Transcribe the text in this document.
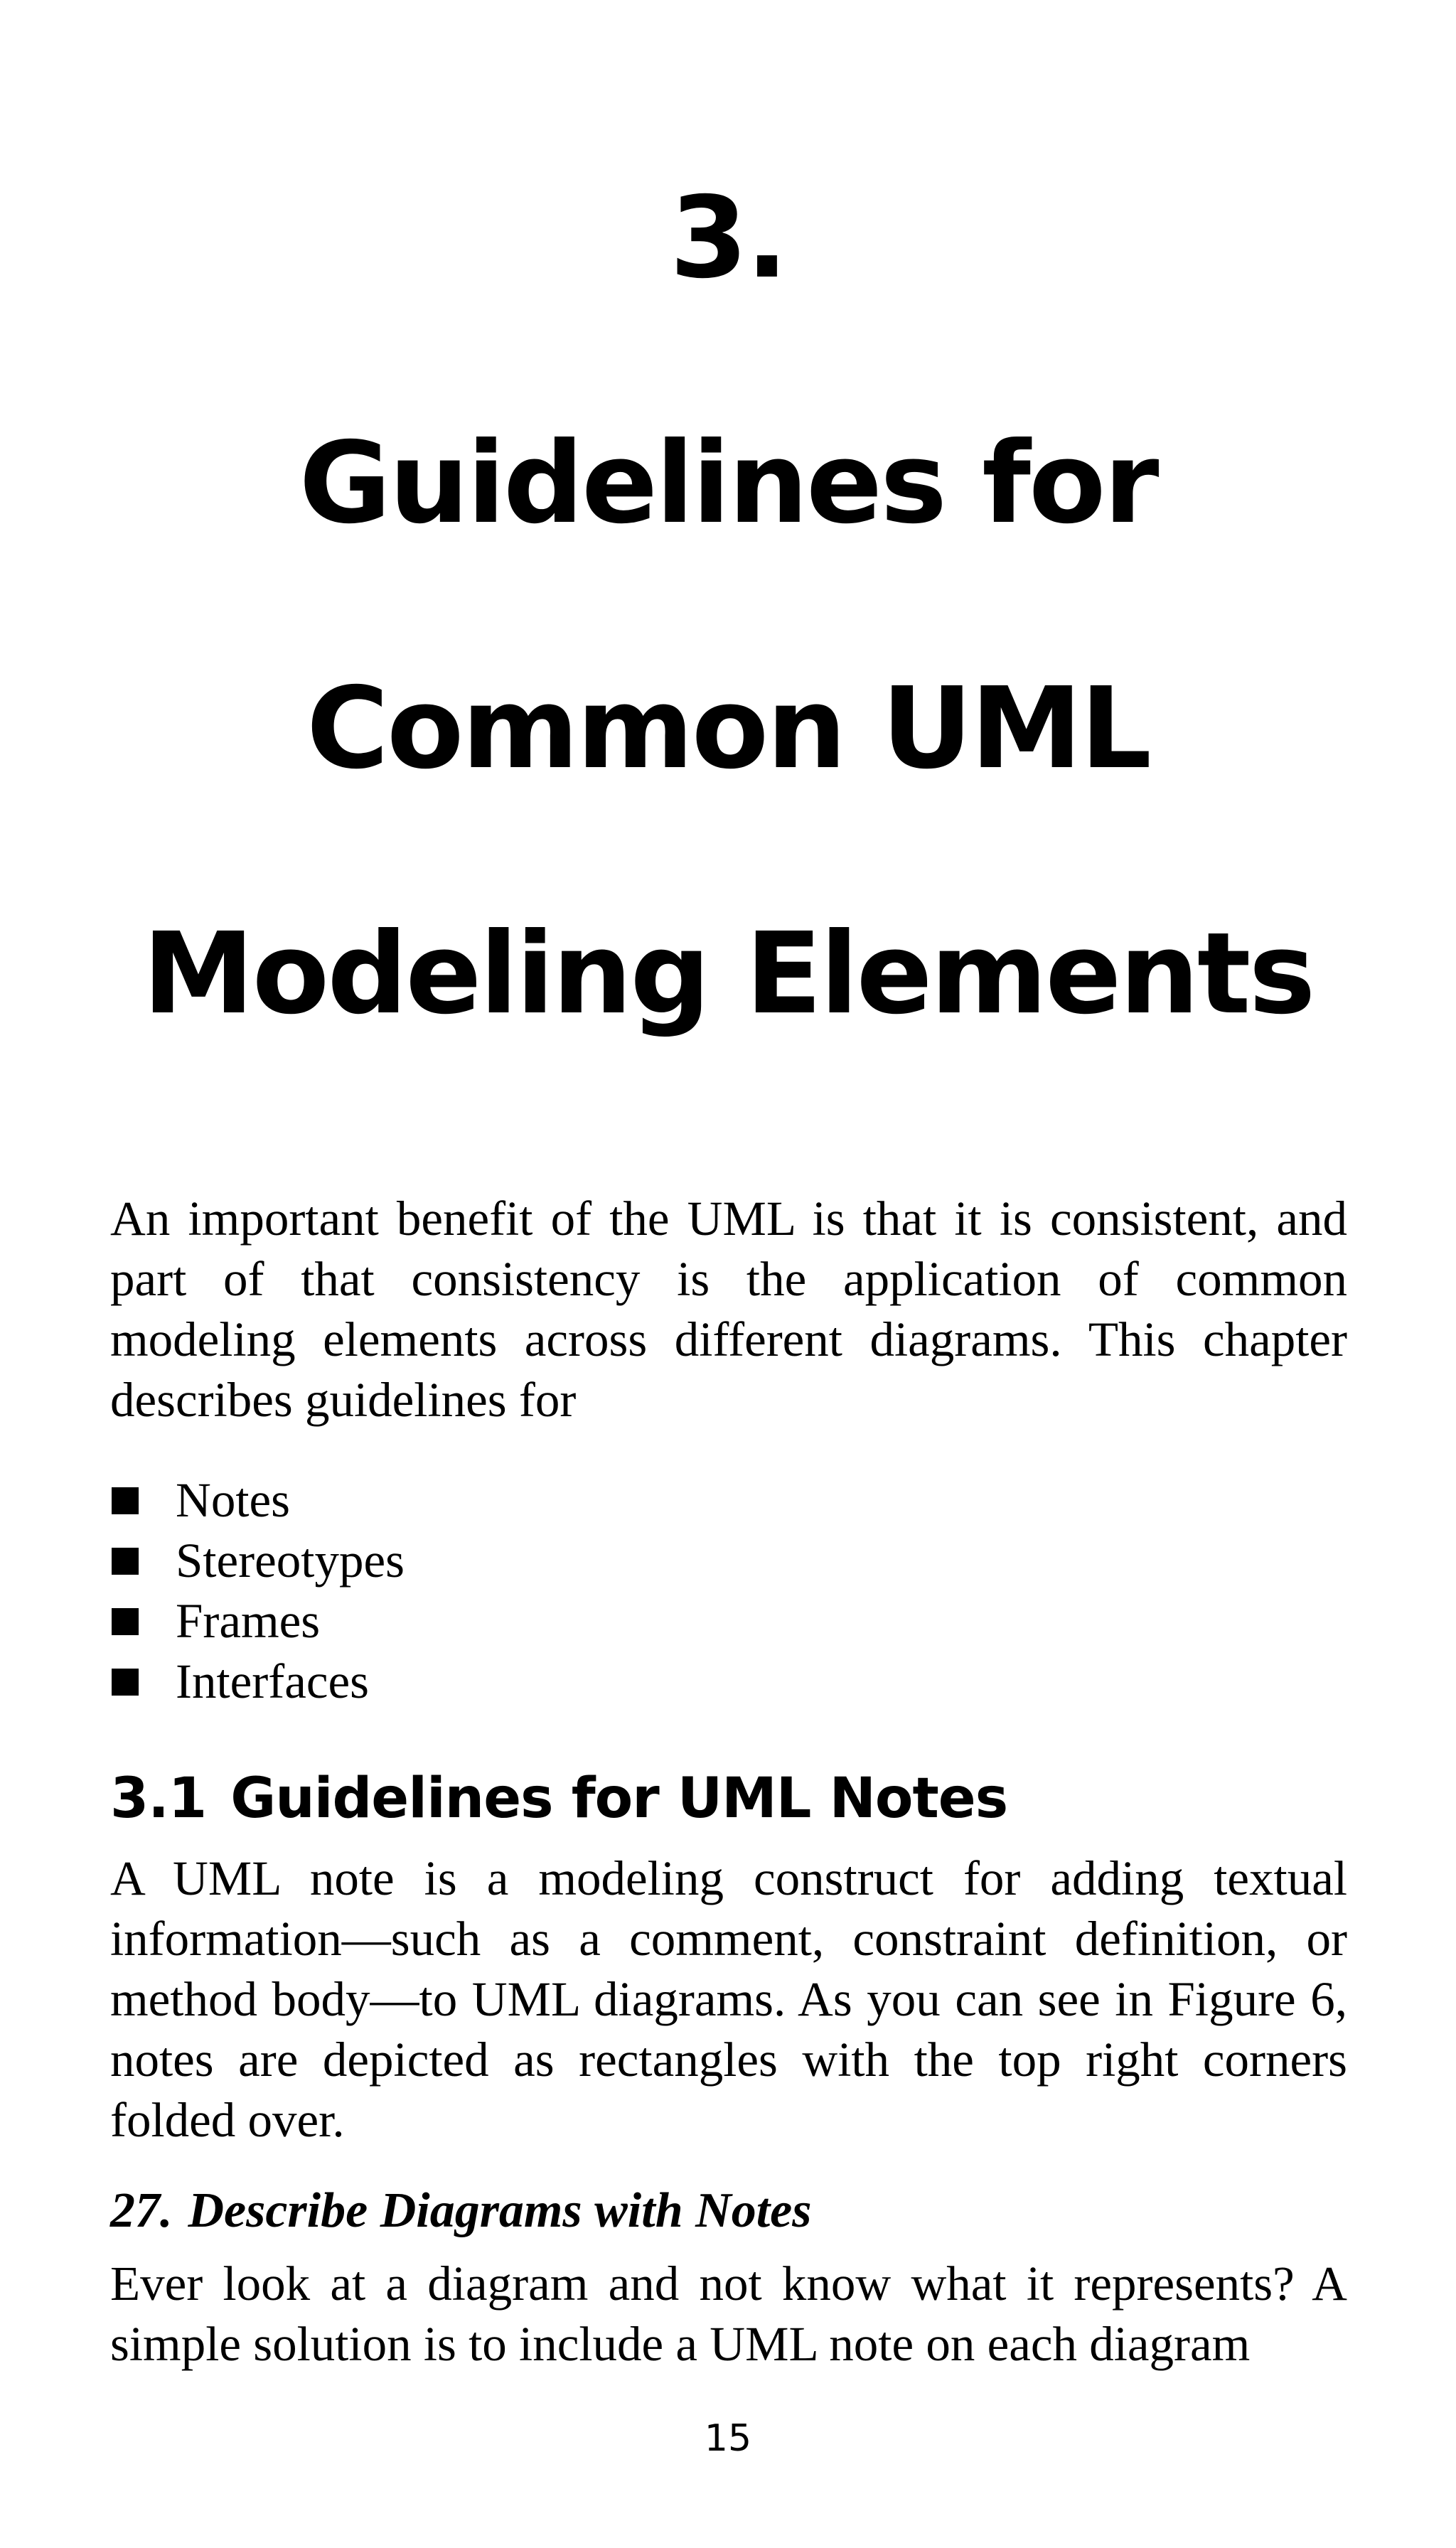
3.
Guidelines for
Common UML
Modeling Elements

An important benefit of the UML is that it is consistent, and part of that consistency is the application of common modeling elements across different diagrams. This chapter describes guidelines for

Notes
Stereotypes
Frames
Interfaces
3.1 Guidelines for UML Notes

A UML note is a modeling construct for adding textual information—such as a comment, constraint definition, or method body—to UML diagrams. As you can see in Figure 6, notes are depicted as rectangles with the top right corners folded over.

27. Describe Diagrams with Notes

Ever look at a diagram and not know what it represents? A simple solution is to include a UML note on each diagram

15
